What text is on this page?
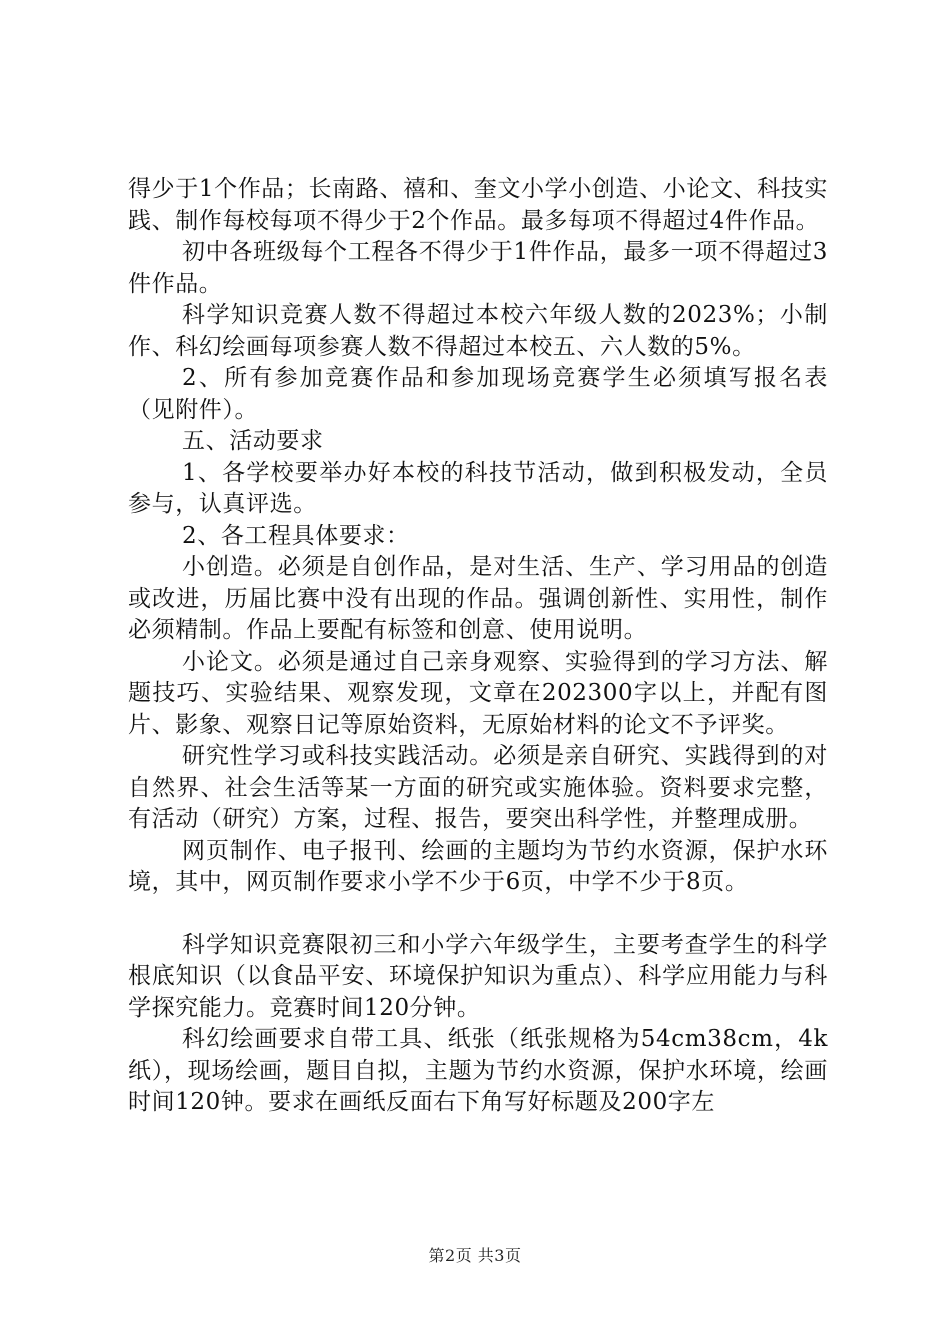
得少于1个作品；长南路、禧和、奎文小学小创造、小论文、科技实践、制作每校每项不得少于2个作品。最多每项不得超过4件作品。

初中各班级每个工程各不得少于1件作品，最多一项不得超过3件作品。

科学知识竞赛人数不得超过本校六年级人数的2023%；小制作、科幻绘画每项参赛人数不得超过本校五、六人数的5%。

2、所有参加竞赛作品和参加现场竞赛学生必须填写报名表（见附件）。

五、活动要求

1、各学校要举办好本校的科技节活动，做到积极发动，全员参与，认真评选。

2、各工程具体要求：

小创造。必须是自创作品，是对生活、生产、学习用品的创造或改进，历届比赛中没有出现的作品。强调创新性、实用性，制作必须精制。作品上要配有标签和创意、使用说明。

小论文。必须是通过自己亲身观察、实验得到的学习方法、解题技巧、实验结果、观察发现，文章在202300字以上，并配有图片、影象、观察日记等原始资料，无原始材料的论文不予评奖。

研究性学习或科技实践活动。必须是亲自研究、实践得到的对自然界、社会生活等某一方面的研究或实施体验。资料要求完整，有活动（研究）方案，过程、报告，要突出科学性，并整理成册。

网页制作、电子报刊、绘画的主题均为节约水资源，保护水环境，其中，网页制作要求小学不少于6页，中学不少于8页。

科学知识竞赛限初三和小学六年级学生，主要考查学生的科学根底知识（以食品平安、环境保护知识为重点）、科学应用能力与科学探究能力。竞赛时间120分钟。

科幻绘画要求自带工具、纸张（纸张规格为54cm38cm，4k纸），现场绘画，题目自拟，主题为节约水资源，保护水环境，绘画时间120钟。要求在画纸反面右下角写好标题及200字左

第2页 共3页
